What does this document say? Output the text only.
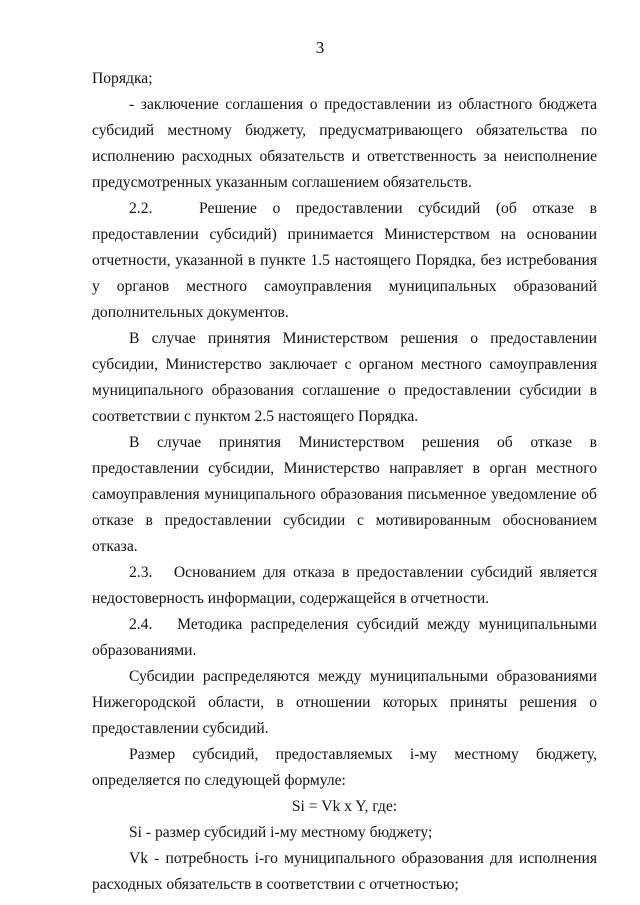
3

Порядка;

- заключение соглашения о предоставлении из областного бюджета субсидий местному бюджету, предусматривающего обязательства по исполнению расходных обязательств и ответственность за неисполнение предусмотренных указанным соглашением обязательств.

2.2.   Решение о предоставлении субсидий (об отказе в предоставлении субсидий) принимается Министерством на основании отчетности, указанной в пункте 1.5 настоящего Порядка, без истребования у органов местного самоуправления муниципальных образований дополнительных документов.

В случае принятия Министерством решения о предоставлении субсидии, Министерство заключает с органом местного самоуправления муниципального образования соглашение о предоставлении субсидии в соответствии с пунктом 2.5 настоящего Порядка.

В случае принятия Министерством решения об отказе в предоставлении субсидии, Министерство направляет в орган местного самоуправления муниципального образования письменное уведомление об отказе в предоставлении субсидии с мотивированным обоснованием отказа.

2.3.   Основанием для отказа в предоставлении субсидий является недостоверность информации, содержащейся в отчетности.

2.4.   Методика распределения субсидий между муниципальными образованиями.

Субсидии распределяются между муниципальными образованиями Нижегородской области, в отношении которых приняты решения о предоставлении субсидий.

Размер субсидий, предоставляемых i-му местному бюджету, определяется по следующей формуле:

Si = Vk x Y, где:

Si - размер субсидий i-му местному бюджету;

Vk - потребность i-го муниципального образования для исполнения расходных обязательств в соответствии с отчетностью;
